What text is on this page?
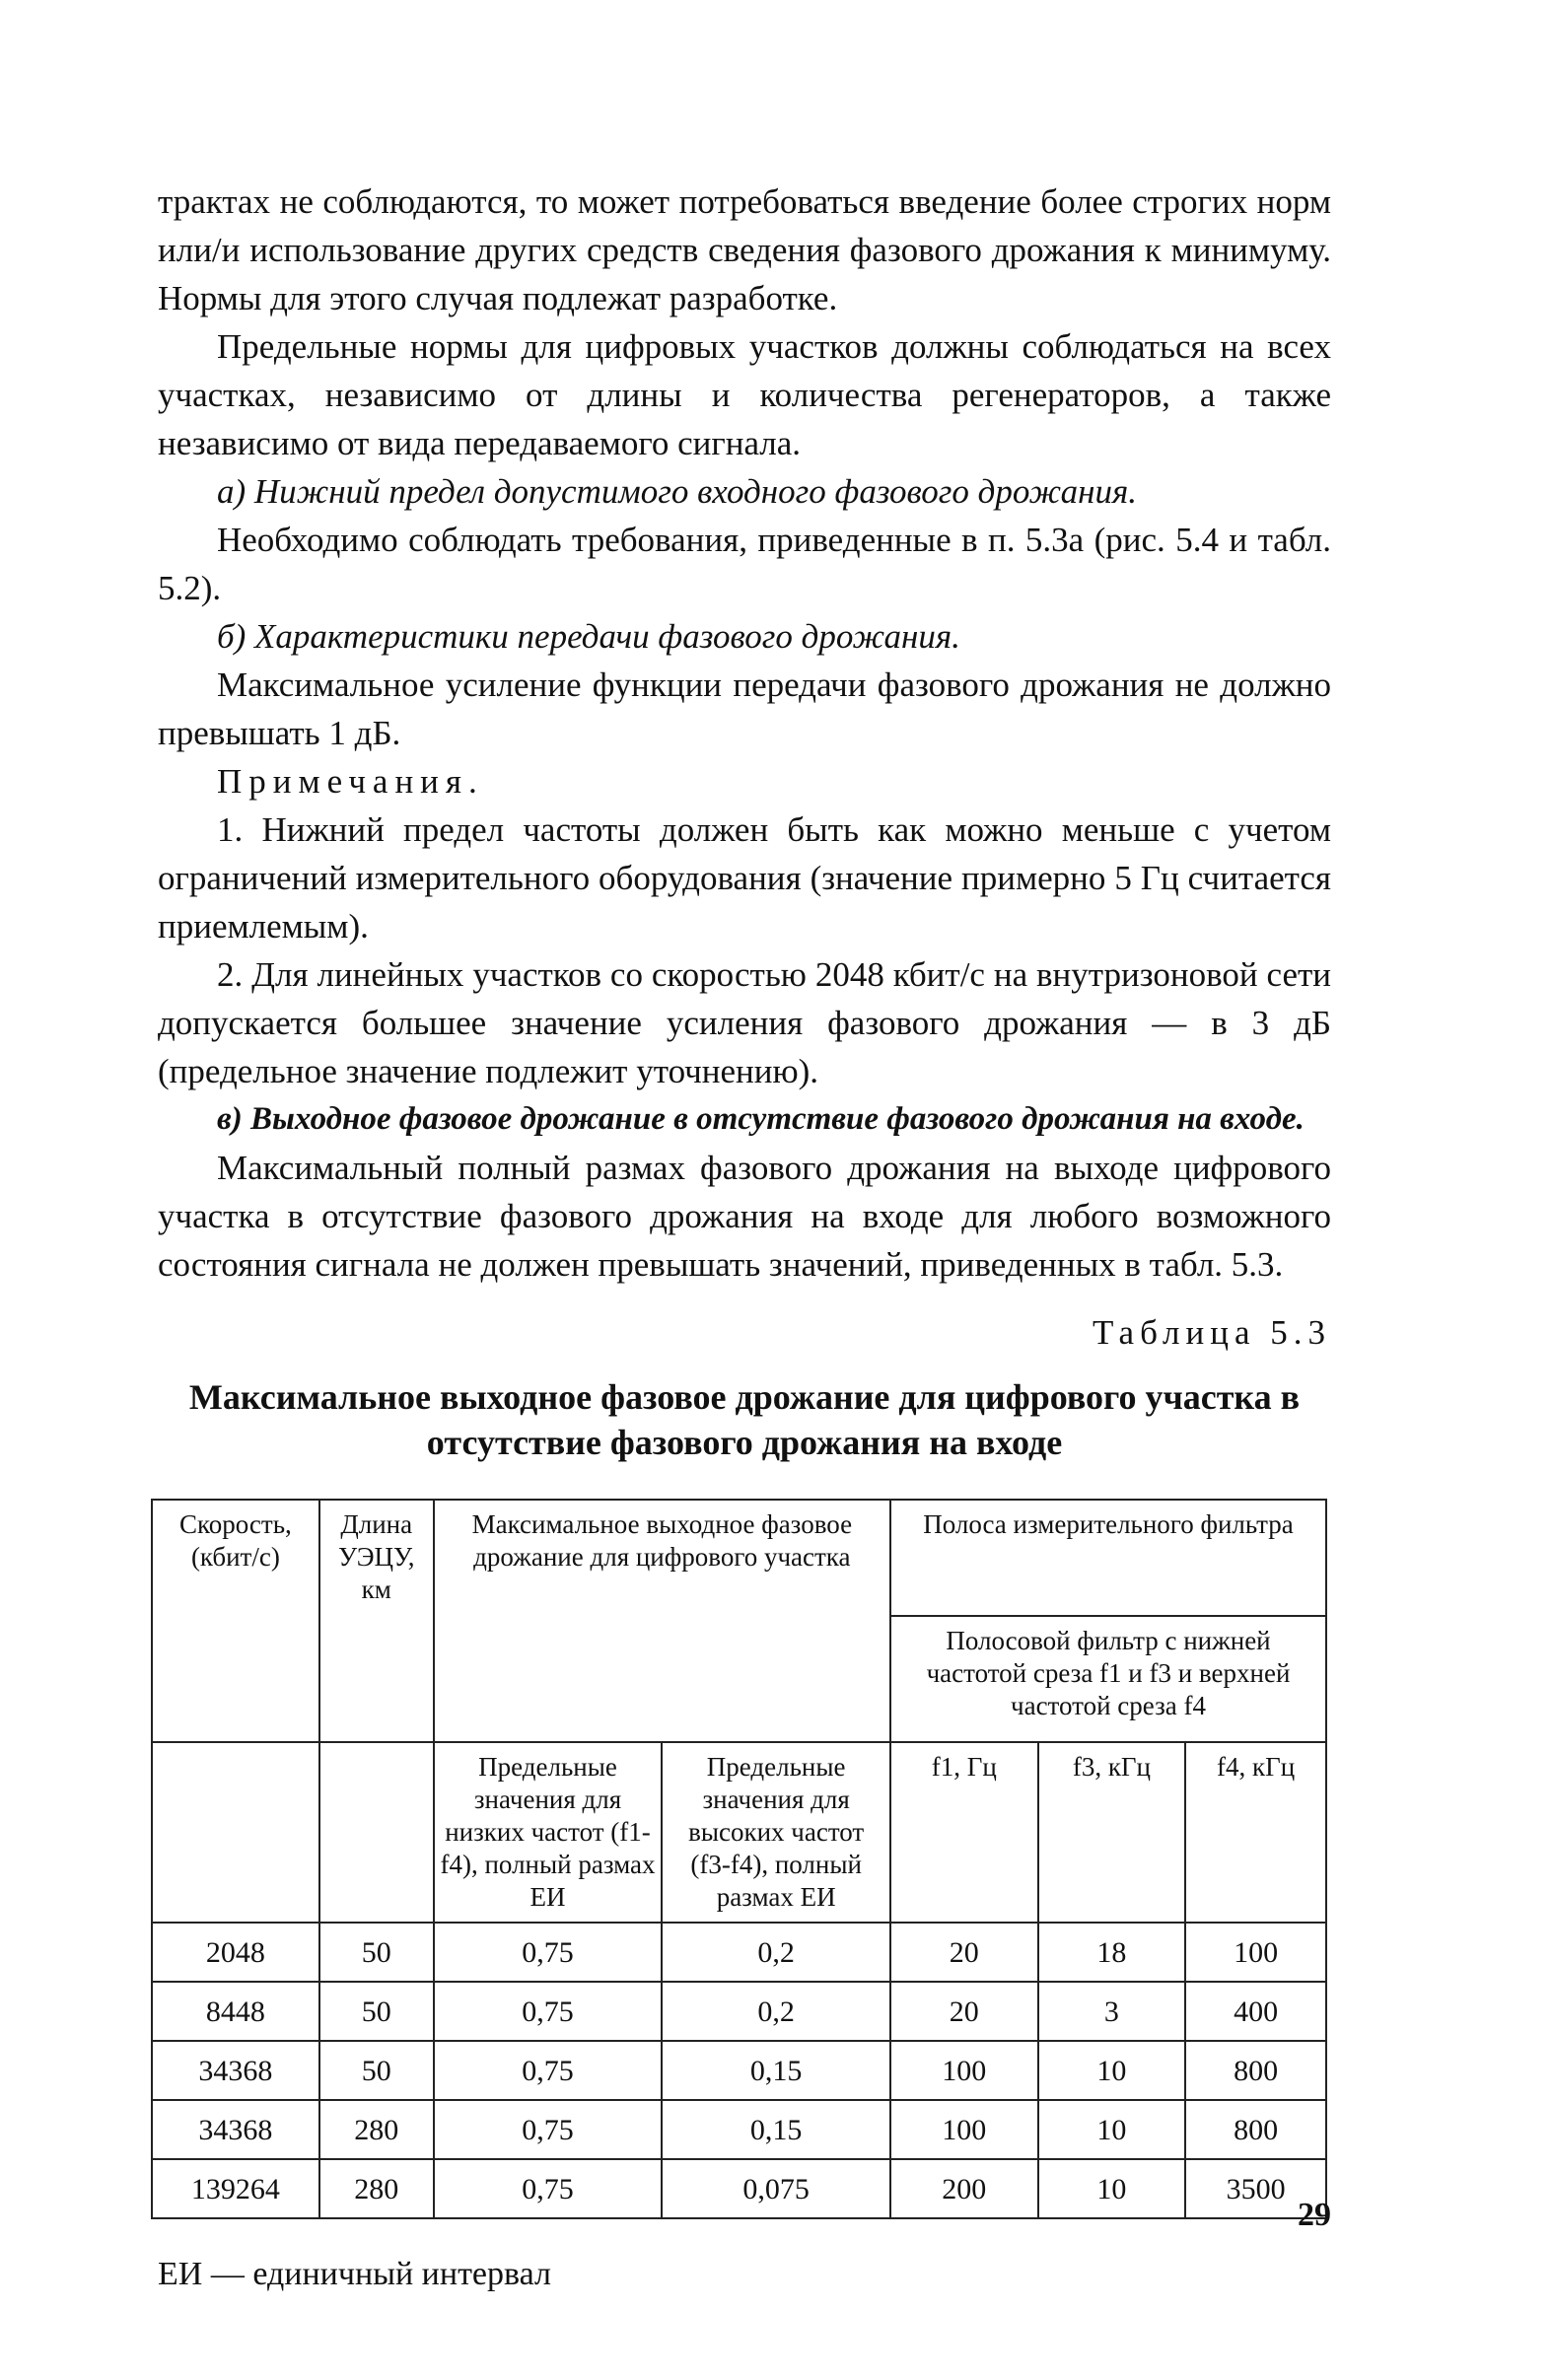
трактах не соблюдаются, то может потребоваться введение более строгих норм или/и использование других средств сведения фазового дрожания к минимуму. Нормы для этого случая подлежат разработке.

Предельные нормы для цифровых участков должны соблюдаться на всех участках, независимо от длины и количества регенераторов, а также независимо от вида передаваемого сигнала.

а) Нижний предел допустимого входного фазового дрожания.

Необходимо соблюдать требования, приведенные в п. 5.3а (рис. 5.4 и табл. 5.2).

б) Характеристики передачи фазового дрожания.

Максимальное усиление функции передачи фазового дрожания не должно превышать 1 дБ.

Примечания.

1. Нижний предел частоты должен быть как можно меньше с учетом ограничений измерительного оборудования (значение примерно 5 Гц считается приемлемым).

2. Для линейных участков со скоростью 2048 кбит/с на внутризоновой сети допускается большее значение усиления фазового дрожания — в 3 дБ (предельное значение подлежит уточнению).

в) Выходное фазовое дрожание в отсутствие фазового дрожания на входе.

Максимальный полный размах фазового дрожания на выходе цифрового участка в отсутствие фазового дрожания на входе для любого возможного состояния сигнала не должен превышать значений, приведенных в табл. 5.3.

Таблица 5.3

Максимальное выходное фазовое дрожание для цифрового участка в отсутствие фазового дрожания на входе

Скорость, (кбит/с)	Длина УЭЦУ, км	Максимальное выходное фазовое дрожание для цифрового участка		Полоса измерительного фильтра		
				Полосовой фильтр с нижней частотой среза f1 и f3 и верхней частотой среза f4		
		Предельные значения для низких частот (f1-f4), полный размах ЕИ	Предельные значения для высоких частот (f3-f4), полный размах ЕИ	f1, Гц	f3, кГц	f4, кГц
2048	50	0,75	0,2	20	18	100
8448	50	0,75	0,2	20	3	400
34368	50	0,75	0,15	100	10	800
34368	280	0,75	0,15	100	10	800
139264	280	0,75	0,075	200	10	3500

ЕИ — единичный интервал

29
